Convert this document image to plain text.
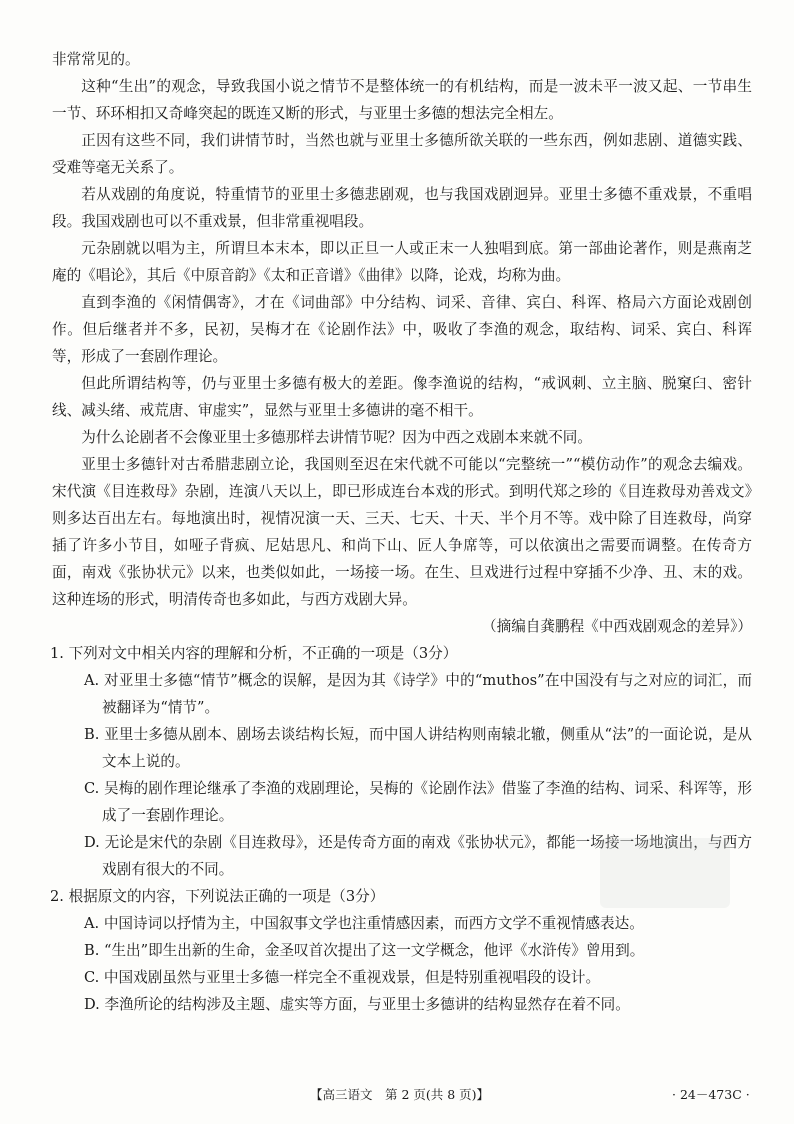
非常常见的。

这种“生出”的观念，导致我国小说之情节不是整体统一的有机结构，而是一波未平一波又起、一节串生一节、环环相扣又奇峰突起的既连又断的形式，与亚里士多德的想法完全相左。

正因有这些不同，我们讲情节时，当然也就与亚里士多德所欲关联的一些东西，例如悲剧、道德实践、受难等毫无关系了。

若从戏剧的角度说，特重情节的亚里士多德悲剧观，也与我国戏剧迥异。亚里士多德不重戏景，不重唱段。我国戏剧也可以不重戏景，但非常重视唱段。

元杂剧就以唱为主，所谓旦本末本，即以正旦一人或正末一人独唱到底。第一部曲论著作，则是燕南芝庵的《唱论》，其后《中原音韵》《太和正音谱》《曲律》以降，论戏，均称为曲。

直到李渔的《闲情偶寄》，才在《词曲部》中分结构、词采、音律、宾白、科诨、格局六方面论戏剧创作。但后继者并不多，民初，吴梅才在《论剧作法》中，吸收了李渔的观念，取结构、词采、宾白、科诨等，形成了一套剧作理论。

但此所谓结构等，仍与亚里士多德有极大的差距。像李渔说的结构，“戒讽刺、立主脑、脱窠臼、密针线、减头绪、戒荒唐、审虚实”，显然与亚里士多德讲的毫不相干。

为什么论剧者不会像亚里士多德那样去讲情节呢？因为中西之戏剧本来就不同。

亚里士多德针对古希腊悲剧立论，我国则至迟在宋代就不可能以“完整统一”“模仿动作”的观念去编戏。宋代演《目连救母》杂剧，连演八天以上，即已形成连台本戏的形式。到明代郑之珍的《目连救母劝善戏文》则多达百出左右。每地演出时，视情况演一天、三天、七天、十天、半个月不等。戏中除了目连救母，尚穿插了许多小节目，如哑子背疯、尼姑思凡、和尚下山、匠人争席等，可以依演出之需要而调整。在传奇方面，南戏《张协状元》以来，也类似如此，一场接一场。在生、旦戏进行过程中穿插不少净、丑、末的戏。这种连场的形式，明清传奇也多如此，与西方戏剧大异。

（摘编自龚鹏程《中西戏剧观念的差异》）

1. 下列对文中相关内容的理解和分析，不正确的一项是（3分）

A. 对亚里士多德“情节”概念的误解，是因为其《诗学》中的“muthos”在中国没有与之对应的词汇，而被翻译为“情节”。

B. 亚里士多德从剧本、剧场去谈结构长短，而中国人讲结构则南辕北辙，侧重从“法”的一面论说，是从文本上说的。

C. 吴梅的剧作理论继承了李渔的戏剧理论，吴梅的《论剧作法》借鉴了李渔的结构、词采、科诨等，形成了一套剧作理论。

D. 无论是宋代的杂剧《目连救母》，还是传奇方面的南戏《张协状元》，都能一场接一场地演出，与西方戏剧有很大的不同。

2. 根据原文的内容，下列说法正确的一项是（3分）

A. 中国诗词以抒情为主，中国叙事文学也注重情感因素，而西方文学不重视情感表达。

B. “生出”即生出新的生命，金圣叹首次提出了这一文学概念，他评《水浒传》曾用到。

C. 中国戏剧虽然与亚里士多德一样完全不重视戏景，但是特别重视唱段的设计。

D. 李渔所论的结构涉及主题、虚实等方面，与亚里士多德讲的结构显然存在着不同。

【高三语文　第 2 页(共 8 页)】	· 24－473C ·
